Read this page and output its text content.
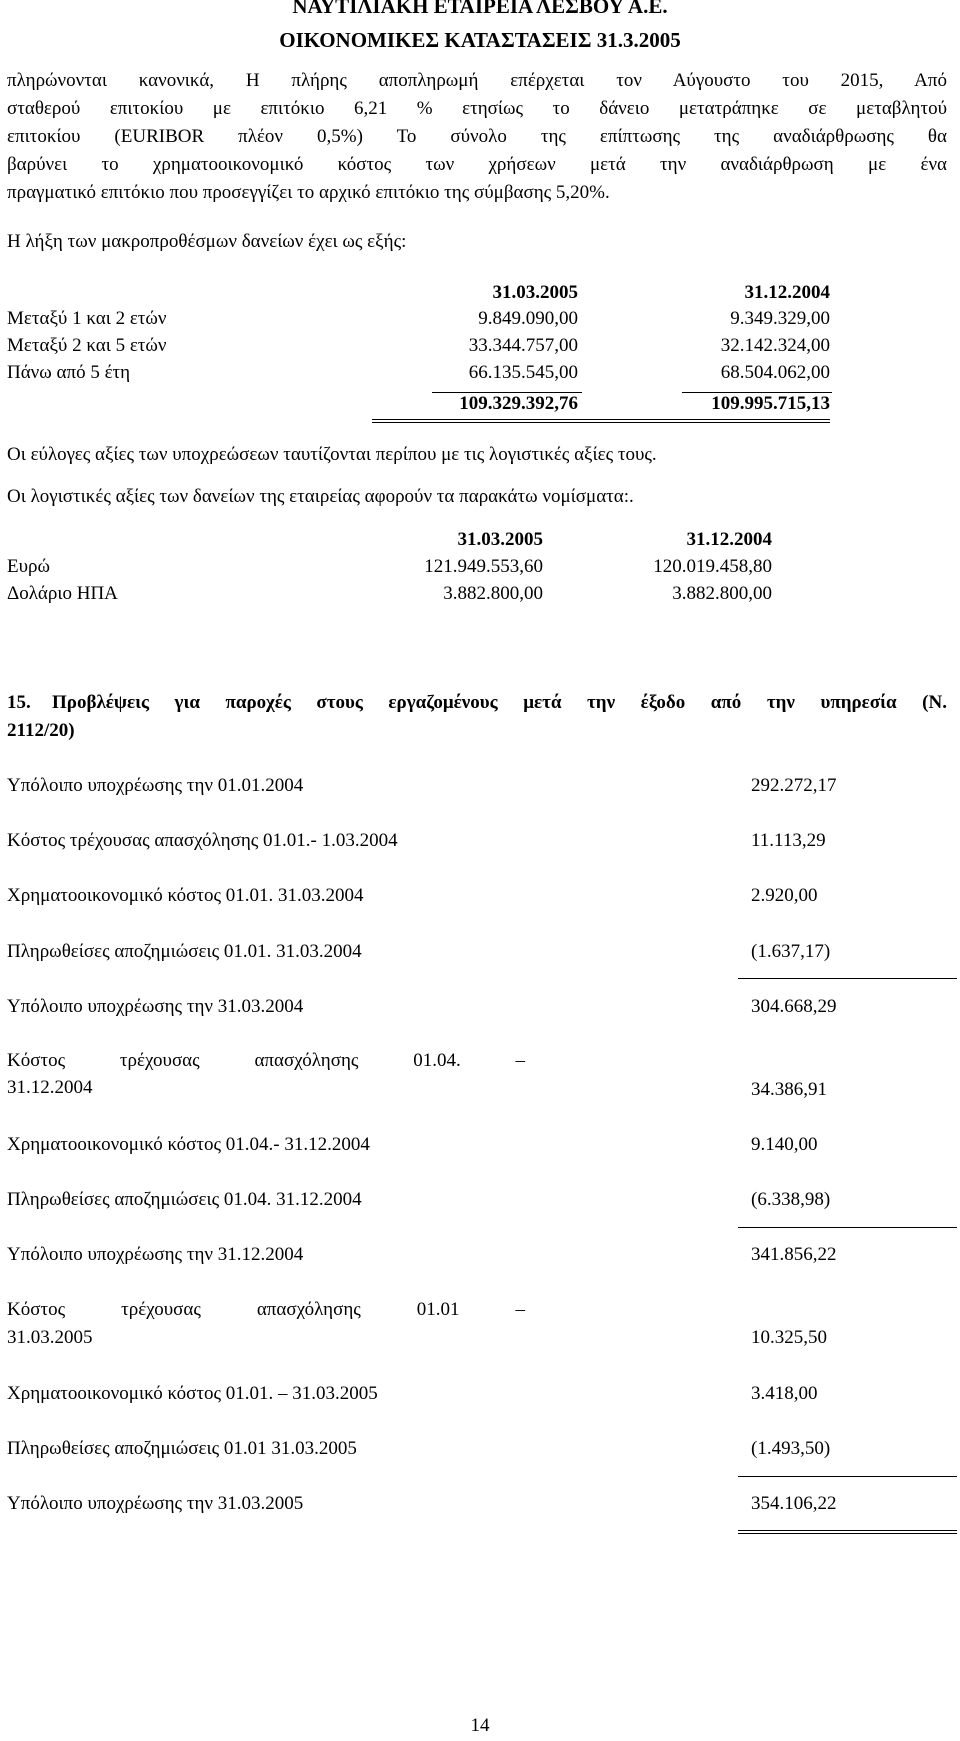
ΝΑΥΤΙΛΙΑΚΗ ΕΤΑΙΡΕΙΑ ΛΕΣΒΟΥ Α.Ε.
ΟΙΚΟΝΟΜΙΚΕΣ ΚΑΤΑΣΤΑΣΕΙΣ 31.3.2005
πληρώνονται κανονικά, Η πλήρης αποπληρωμή επέρχεται τον Αύγουστο του 2015, Από
σταθερού επιτοκίου με επιτόκιο 6,21 % ετησίως το δάνειο μετατράπηκε σε μεταβλητού
επιτοκίου (EURIBOR πλέον 0,5%) Το σύνολο της επίπτωσης της αναδιάρθρωσης θα
βαρύνει το χρηματοοικονομικό κόστος των χρήσεων μετά την αναδιάρθρωση με ένα
πραγματικό επιτόκιο που προσεγγίζει το αρχικό επιτόκιο της σύμβασης 5,20%.
Η λήξη των μακροπροθέσμων δανείων έχει ως εξής:
31.03.2005	31.12.2004
Μεταξύ 1 και 2 ετών	9.849.090,00	9.349.329,00
Μεταξύ 2 και 5 ετών	33.344.757,00	32.142.324,00
Πάνω από 5 έτη	66.135.545,00	68.504.062,00
109.329.392,76	109.995.715,13
Οι εύλογες αξίες των υποχρεώσεων ταυτίζονται περίπου με τις λογιστικές αξίες τους.
Οι λογιστικές αξίες των δανείων της εταιρείας αφορούν τα παρακάτω νομίσματα:.
31.03.2005	31.12.2004
Ευρώ	121.949.553,60	120.019.458,80
Δολάριο ΗΠΑ	3.882.800,00	3.882.800,00
15. Προβλέψεις για παροχές στους εργαζομένους μετά την έξοδο από την υπηρεσία (Ν.
2112/20)
Υπόλοιπο υποχρέωσης την 01.01.2004	292.272,17
Κόστος τρέχουσας απασχόλησης 01.01.- 1.03.2004	11.113,29
Χρηματοοικονομικό κόστος 01.01. 31.03.2004	2.920,00
Πληρωθείσες αποζημιώσεις 01.01. 31.03.2004	(1.637,17)
Υπόλοιπο υποχρέωσης την 31.03.2004	304.668,29
Κόστος τρέχουσας απασχόλησης 01.04. –
31.12.2004	34.386,91
Χρηματοοικονομικό κόστος 01.04.- 31.12.2004	9.140,00
Πληρωθείσες αποζημιώσεις 01.04. 31.12.2004	(6.338,98)
Υπόλοιπο υποχρέωσης την 31.12.2004	341.856,22
Κόστος τρέχουσας απασχόλησης 01.01 –
31.03.2005	10.325,50
Χρηματοοικονομικό κόστος 01.01. – 31.03.2005	3.418,00
Πληρωθείσες αποζημιώσεις 01.01 31.03.2005	(1.493,50)
Υπόλοιπο υποχρέωσης την 31.03.2005	354.106,22
14
